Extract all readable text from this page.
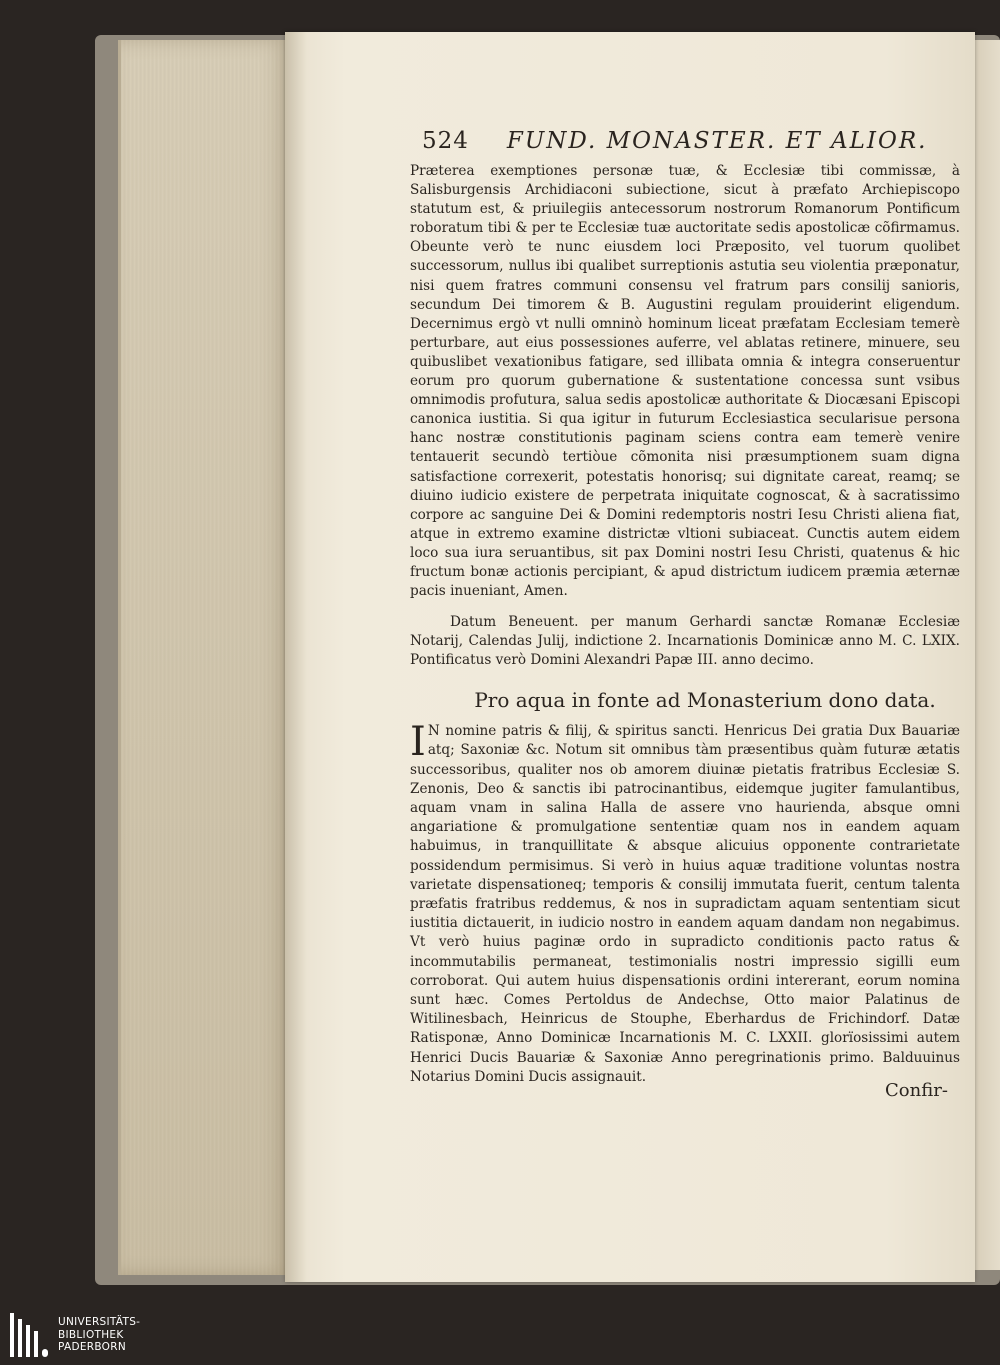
524 FUND. MONASTER. ET ALIOR.

Præterea exemptiones personæ tuæ, & Ecclesiæ tibi commissæ, à Salisburgensis Archidiaconi subiectione, sicut à præfato Archiepiscopo statutum est, & priuilegiis antecessorum nostrorum Romanorum Pontificum roboratum tibi & per te Ecclesiæ tuæ auctoritate sedis apostolicæ cõfirmamus. Obeunte verò te nunc eiusdem loci Præposito, vel tuorum quolibet successorum, nullus ibi qualibet surreptionis astutia seu violentia præponatur, nisi quem fratres communi consensu vel fratrum pars consilij sanioris, secundum Dei timorem & B. Augustini regulam prouiderint eligendum. Decernimus ergò vt nulli omninò hominum liceat præfatam Ecclesiam temerè perturbare, aut eius possessiones auferre, vel ablatas retinere, minuere, seu quibuslibet vexationibus fatigare, sed illibata omnia & integra conseruentur eorum pro quorum gubernatione & sustentatione concessa sunt vsibus omnimodis profutura, salua sedis apostolicæ authoritate & Diocæsani Episcopi canonica iustitia. Si qua igitur in futurum Ecclesiastica secularisue persona hanc nostræ constitutionis paginam sciens contra eam temerè venire tentauerit secundò tertiòue cõmonita nisi præsumptionem suam digna satisfactione correxerit, potestatis honorisq; sui dignitate careat, reamq; se diuino iudicio existere de perpetrata iniquitate cognoscat, & à sacratissimo corpore ac sanguine Dei & Domini redemptoris nostri Iesu Christi aliena fiat, atque in extremo examine districtæ vltioni subiaceat. Cunctis autem eidem loco sua iura seruantibus, sit pax Domini nostri Iesu Christi, quatenus & hic fructum bonæ actionis percipiant, & apud districtum iudicem præmia æternæ pacis inueniant, Amen.

Datum Beneuent. per manum Gerhardi sanctæ Romanæ Ecclesiæ Notarij, Calendas Julij, indictione 2. Incarnationis Dominicæ anno M. C. LXIX. Pontificatus verò Domini Alexandri Papæ III. anno decimo.

Pro aqua in fonte ad Monasterium dono data.

I N nomine patris & filij, & spiritus sancti. Henricus Dei gratia Dux Bauariæ atq; Saxoniæ &c. Notum sit omnibus tàm præsentibus quàm futuræ ætatis successoribus, qualiter nos ob amorem diuinæ pietatis fratribus Ecclesiæ S. Zenonis, Deo & sanctis ibi patrocinantibus, eidemque jugiter famulantibus, aquam vnam in salina Halla de assere vno haurienda, absque omni angariatione & promulgatione sententiæ quam nos in eandem aquam habuimus, in tranquillitate & absque alicuius opponente contrarietate possidendum permisimus. Si verò in huius aquæ traditione voluntas nostra varietate dispensationeq; temporis & consilij immutata fuerit, centum talenta præfatis fratribus reddemus, & nos in supradictam aquam sententiam sicut iustitia dictauerit, in iudicio nostro in eandem aquam dandam non negabimus. Vt verò huius paginæ ordo in supradicto conditionis pacto ratus & incommutabilis permaneat, testimonialis nostri impressio sigilli eum corroborat. Qui autem huius dispensationis ordini intererant, eorum nomina sunt hæc. Comes Pertoldus de Andechse, Otto maior Palatinus de Witilinesbach, Heinricus de Stouphe, Eberhardus de Frichindorf. Datæ Ratisponæ, Anno Dominicæ Incarnationis M. C. LXXII. glorïosissimi autem Henrici Ducis Bauariæ & Saxoniæ Anno peregrinationis primo. Balduuinus Notarius Domini Ducis assignauit.

Confir-
UNIVERSITÄTS-
BIBLIOTHEK
PADERBORN
